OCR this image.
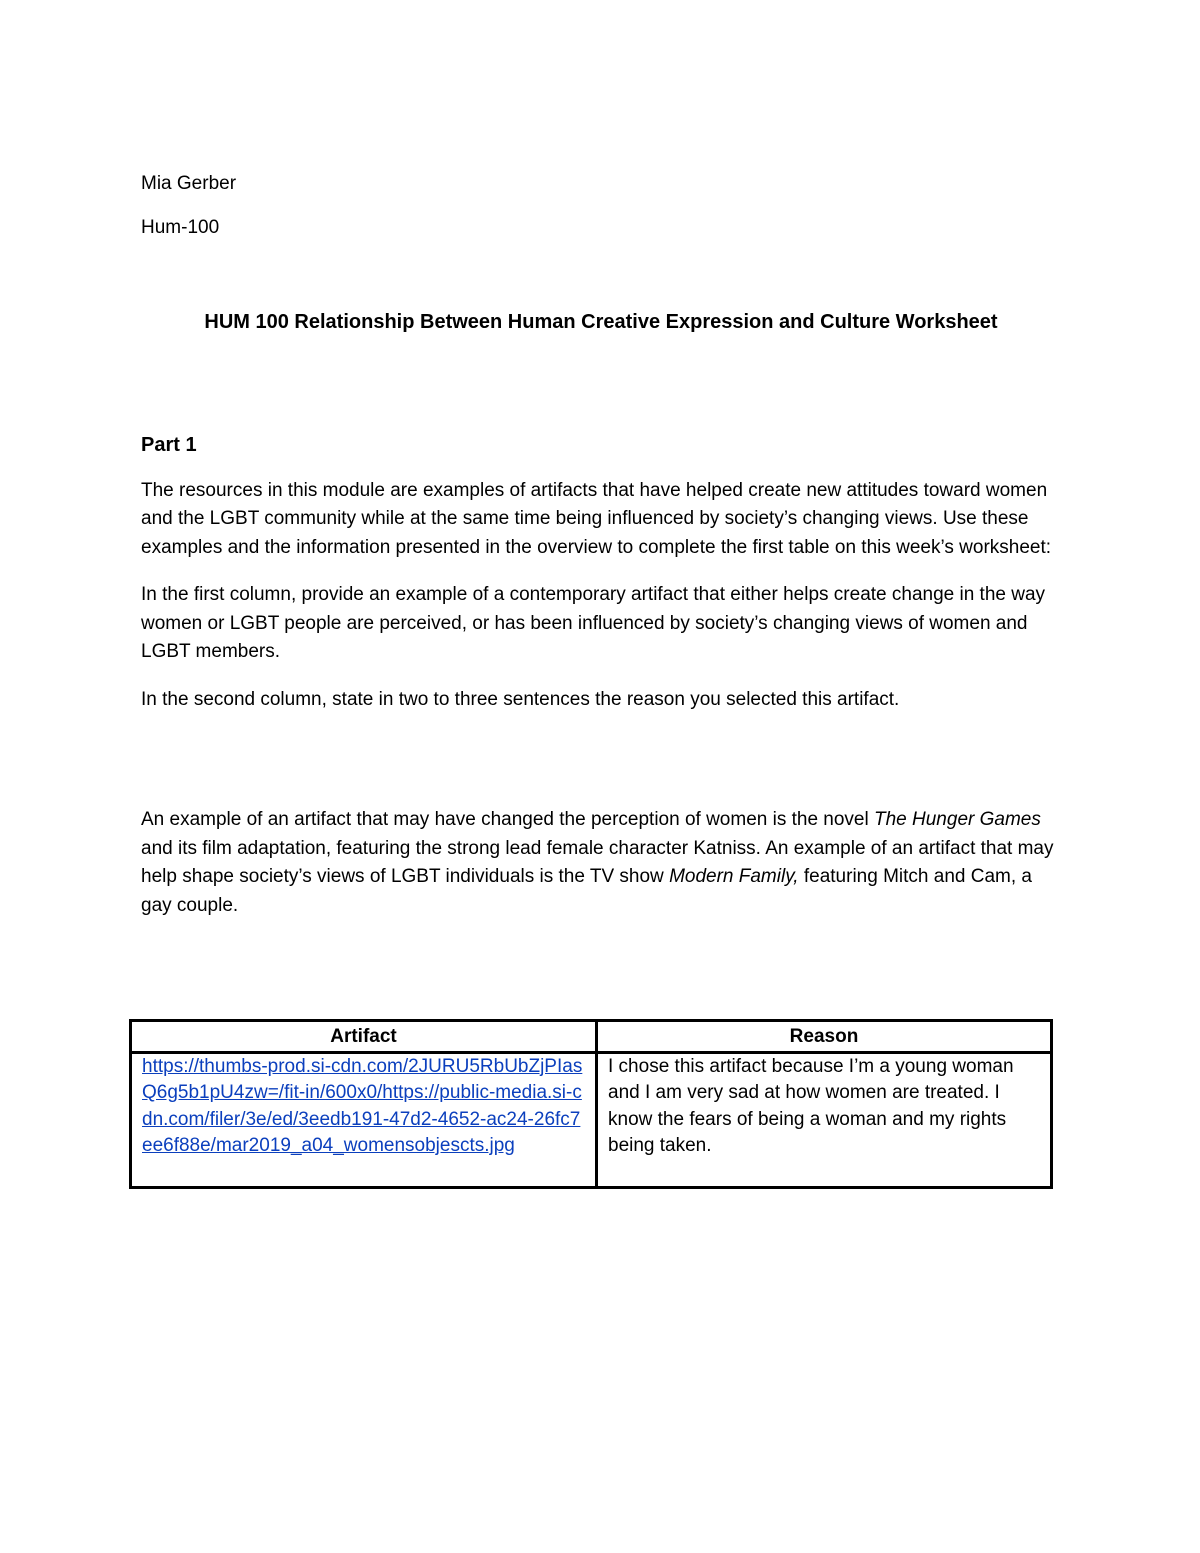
Mia Gerber

Hum-100

HUM 100 Relationship Between Human Creative Expression and Culture Worksheet
Part 1

The resources in this module are examples of artifacts that have helped create new attitudes toward women and the LGBT community while at the same time being influenced by society’s changing views. Use these examples and the information presented in the overview to complete the first table on this week’s worksheet:

In the first column, provide an example of a contemporary artifact that either helps create change in the way women or LGBT people are perceived, or has been influenced by society’s changing views of women and LGBT members.

In the second column, state in two to three sentences the reason you selected this artifact.

An example of an artifact that may have changed the perception of women is the novel The Hunger Games and its film adaptation, featuring the strong lead female character Katniss. An example of an artifact that may help shape society’s views of LGBT individuals is the TV show Modern Family, featuring Mitch and Cam, a gay couple.

Artifact	Reason

https://thumbs-prod.si-cdn.com/2JURU5RbUbZjPIasQ6g5b1pU4zw=/fit-in/600x0/https://public-media.si-cdn.com/filer/3e/ed/3eedb191-47d2-4652-ac24-26fc7ee6f88e/mar2019_a04_womensobjescts.jpg	I chose this artifact because I’m a young woman and I am very sad at how women are treated. I know the fears of being a woman and my rights being taken.
